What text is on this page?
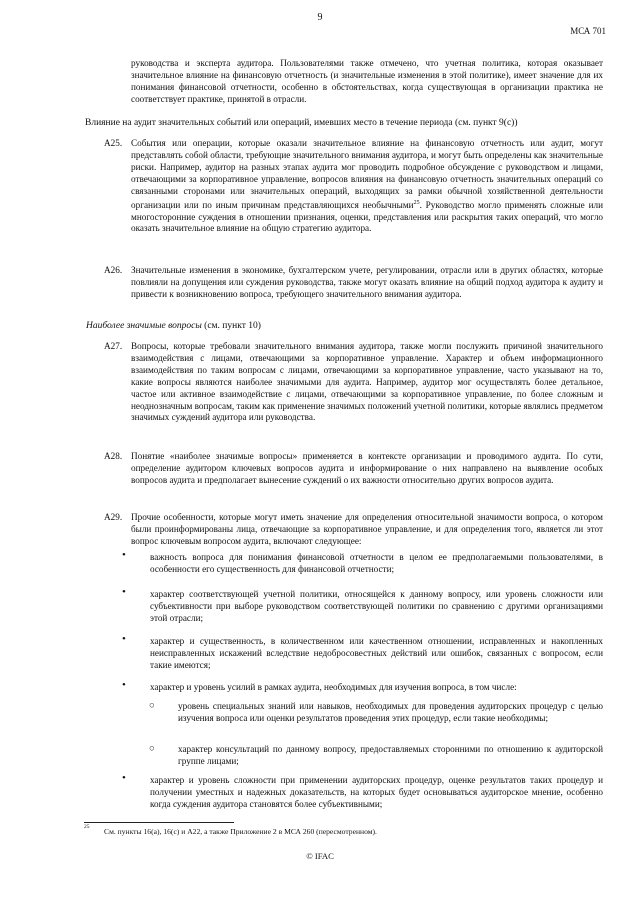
9
МСА 701

руководства и эксперта аудитора. Пользователями также отмечено, что учетная политика, которая оказывает значительное влияние на финансовую отчетность (и значительные изменения в этой политике), имеет значение для их понимания финансовой отчетности, особенно в обстоятельствах, когда существующая в организации практика не соответствует практике, принятой в отрасли.

Влияние на аудит значительных событий или операций, имевших место в течение периода (см. пункт 9(с))

A25. События или операции, которые оказали значительное влияние на финансовую отчетность или аудит, могут представлять собой области, требующие значительного внимания аудитора, и могут быть определены как значительные риски. Например, аудитор на разных этапах аудита мог проводить подробное обсуждение с руководством и лицами, отвечающими за корпоративное управление, вопросов влияния на финансовую отчетность значительных операций со связанными сторонами или значительных операций, выходящих за рамки обычной хозяйственной деятельности организации или по иным причинам представляющихся необычными$^{25}$. Руководство могло применять сложные или многосторонние суждения в отношении признания, оценки, представления или раскрытия таких операций, что могло оказать значительное влияние на общую стратегию аудитора.

A26. Значительные изменения в экономике, бухгалтерском учете, регулировании, отрасли или в других областях, которые повлияли на допущения или суждения руководства, также могут оказать влияние на общий подход аудитора к аудиту и привести к возникновению вопроса, требующего значительного внимания аудитора.

Наиболее значимые вопросы (см. пункт 10)

A27. Вопросы, которые требовали значительного внимания аудитора, также могли послужить причиной значительного взаимодействия с лицами, отвечающими за корпоративное управление. Характер и объем информационного взаимодействия по таким вопросам с лицами, отвечающими за корпоративное управление, часто указывают на то, какие вопросы являются наиболее значимыми для аудита. Например, аудитор мог осуществлять более детальное, частое или активное взаимодействие с лицами, отвечающими за корпоративное управление, по более сложным и неоднозначным вопросам, таким как применение значимых положений учетной политики, которые являлись предметом значимых суждений аудитора или руководства.

A28. Понятие «наиболее значимые вопросы» применяется в контексте организации и проводимого аудита. По сути, определение аудитором ключевых вопросов аудита и информирование о них направлено на выявление особых вопросов аудита и предполагает вынесение суждений о их важности относительно других вопросов аудита.

A29. Прочие особенности, которые могут иметь значение для определения относительной значимости вопроса, о котором были проинформированы лица, отвечающие за корпоративное управление, и для определения того, является ли этот вопрос ключевым вопросом аудита, включают следующее:

•	важность вопроса для понимания финансовой отчетности в целом ее предполагаемыми пользователями, в особенности его существенность для финансовой отчетности;

•	характер соответствующей учетной политики, относящейся к данному вопросу, или уровень сложности или субъективности при выборе руководством соответствующей политики по сравнению с другими организациями этой отрасли;

•	характер и существенность, в количественном или качественном отношении, исправленных и накопленных неисправленных искажений вследствие недобросовестных действий или ошибок, связанных с вопросом, если такие имеются;

•	характер и уровень усилий в рамках аудита, необходимых для изучения вопроса, в том числе:

○	уровень специальных знаний или навыков, необходимых для проведения аудиторских процедур с целью изучения вопроса или оценки результатов проведения этих процедур, если такие необходимы;

○	характер консультаций по данному вопросу, предоставляемых сторонними по отношению к аудиторской группе лицами;

•	характер и уровень сложности при применении аудиторских процедур, оценке результатов таких процедур и получении уместных и надежных доказательств, на которых будет основываться аудиторское мнение, особенно когда суждения аудитора становятся более субъективными;

25 См. пункты 16(а), 16(с) и А22, а также Приложение 2 в МСА 260 (пересмотренном).

© IFAC
